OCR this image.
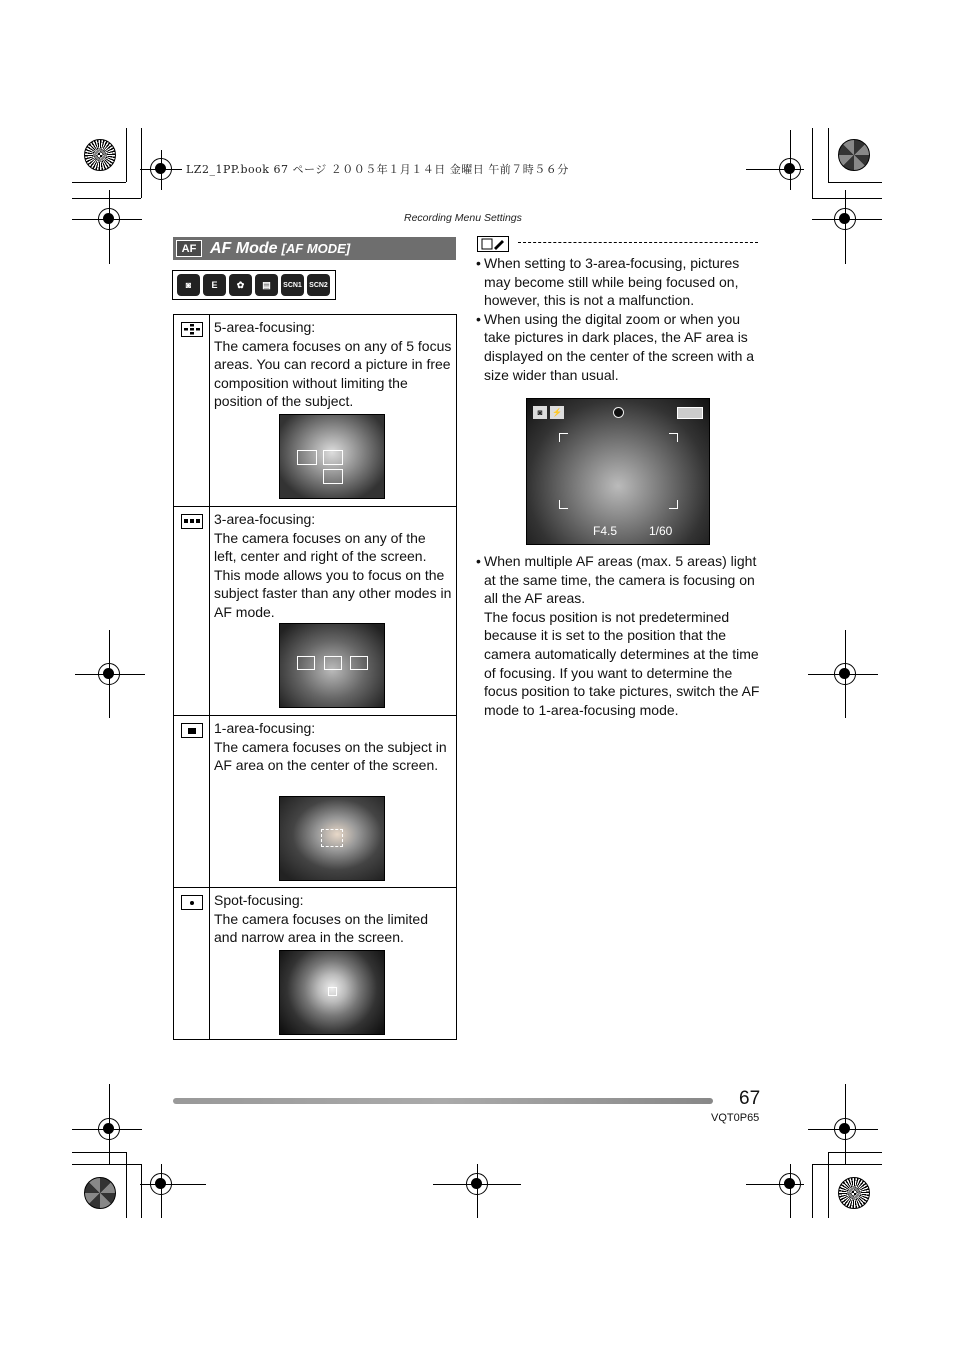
LZ2_1PP.book 67 ページ ２００５年１月１４日 金曜日 午前７時５６分
Recording Menu Settings
AF AF Mode [AF MODE]
◙	E	✿	▤	SCN1	SCN2
5-area-focusing:
The camera focuses on any of 5 focus areas. You can record a picture in free composition without limiting the position of the subject.
3-area-focusing:
The camera focuses on any of the left, center and right of the screen. This mode allows you to focus on the subject faster than any other modes in AF mode.
1-area-focusing:
The camera focuses on the subject in AF area on the center of the screen.
Spot-focusing:
The camera focuses on the limited and narrow area in the screen.
• When setting to 3-area-focusing, pictures may become still while being focused on, however, this is not a malfunction.
• When using the digital zoom or when you take pictures in dark places, the AF area is displayed on the center of the screen with a size wider than usual.
◙	⚡
F4.5	1/60
• When multiple AF areas (max. 5 areas) light at the same time, the camera is focusing on all the AF areas.
The focus position is not predetermined because it is set to the position that the camera automatically determines at the time of focusing. If you want to determine the focus position to take pictures, switch the AF mode to 1-area-focusing mode.
67
VQT0P65
